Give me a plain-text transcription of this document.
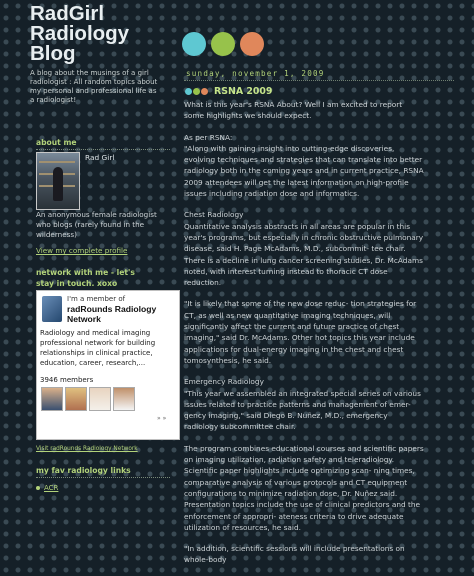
RadGirl Radiology Blog
A blog about the musings of a girl radiologist : All random topics about my personal and professional life as a radiologist!
about me
Rad Girl
An anonymous female radiologist who blogs (rarely found in the wilderness)
View my complete profile
network with me - let's stay in touch. xoxo
I'm a member of
radRounds Radiology Network
Radiology and medical imaging professional network for building relationships in clinical practice, education, career, research,...
3946 members
» »
Visit radRounds Radiology Network
my fav radiology links
ACR
sunday, november 1, 2009
RSNA 2009

What is this year's RSNA About? Well I am excited to report some highlights we should expect.

As per RSNA:
"Along with gaining insight into cutting-edge discoveries, evolving techniques and strategies that can translate into better radiology both in the coming years and in current practice, RSNA 2009 attendees will get the latest information on high-profile issues including radiation dose and informatics.

Chest Radiology
Quantitative analysis abstracts in all areas are popular in this year's programs, but especially in chronic obstructive pulmonary disease, said H. Page McAdams, M.D., subcommit- tee chair. There is a decline in lung cancer screening studies, Dr. McAdams noted, with interest turning instead to thoracic CT dose reduction.

"It is likely that some of the new dose reduc- tion strategies for CT, as well as new quantitative imaging techniques, will significantly affect the current and future practice of chest imaging," said Dr. McAdams. Other hot topics this year include applications for dual-energy imaging in the chest and chest tomosynthesis, he said.

Emergency Radiology
"This year we assembled an integrated special series on various issues related to practice patterns and management of emer- gency imaging," said Diego B. Nuñez, M.D., emergency radiology subcommittee chair.

The program combines educational courses and scientific papers on imaging utilization, radiation safety and teleradiology. Scientific paper highlights include optimizing scan- ning times, comparative analysis of various protocols and CT equipment configurations to minimize radiation dose, Dr. Nuñez said. Presentation topics include the use of clinical predictors and the enforcement of appropri- ateness criteria to drive adequate utilization of resources, he said.

"In addition, scientific sessions will include presentations on whole-body
